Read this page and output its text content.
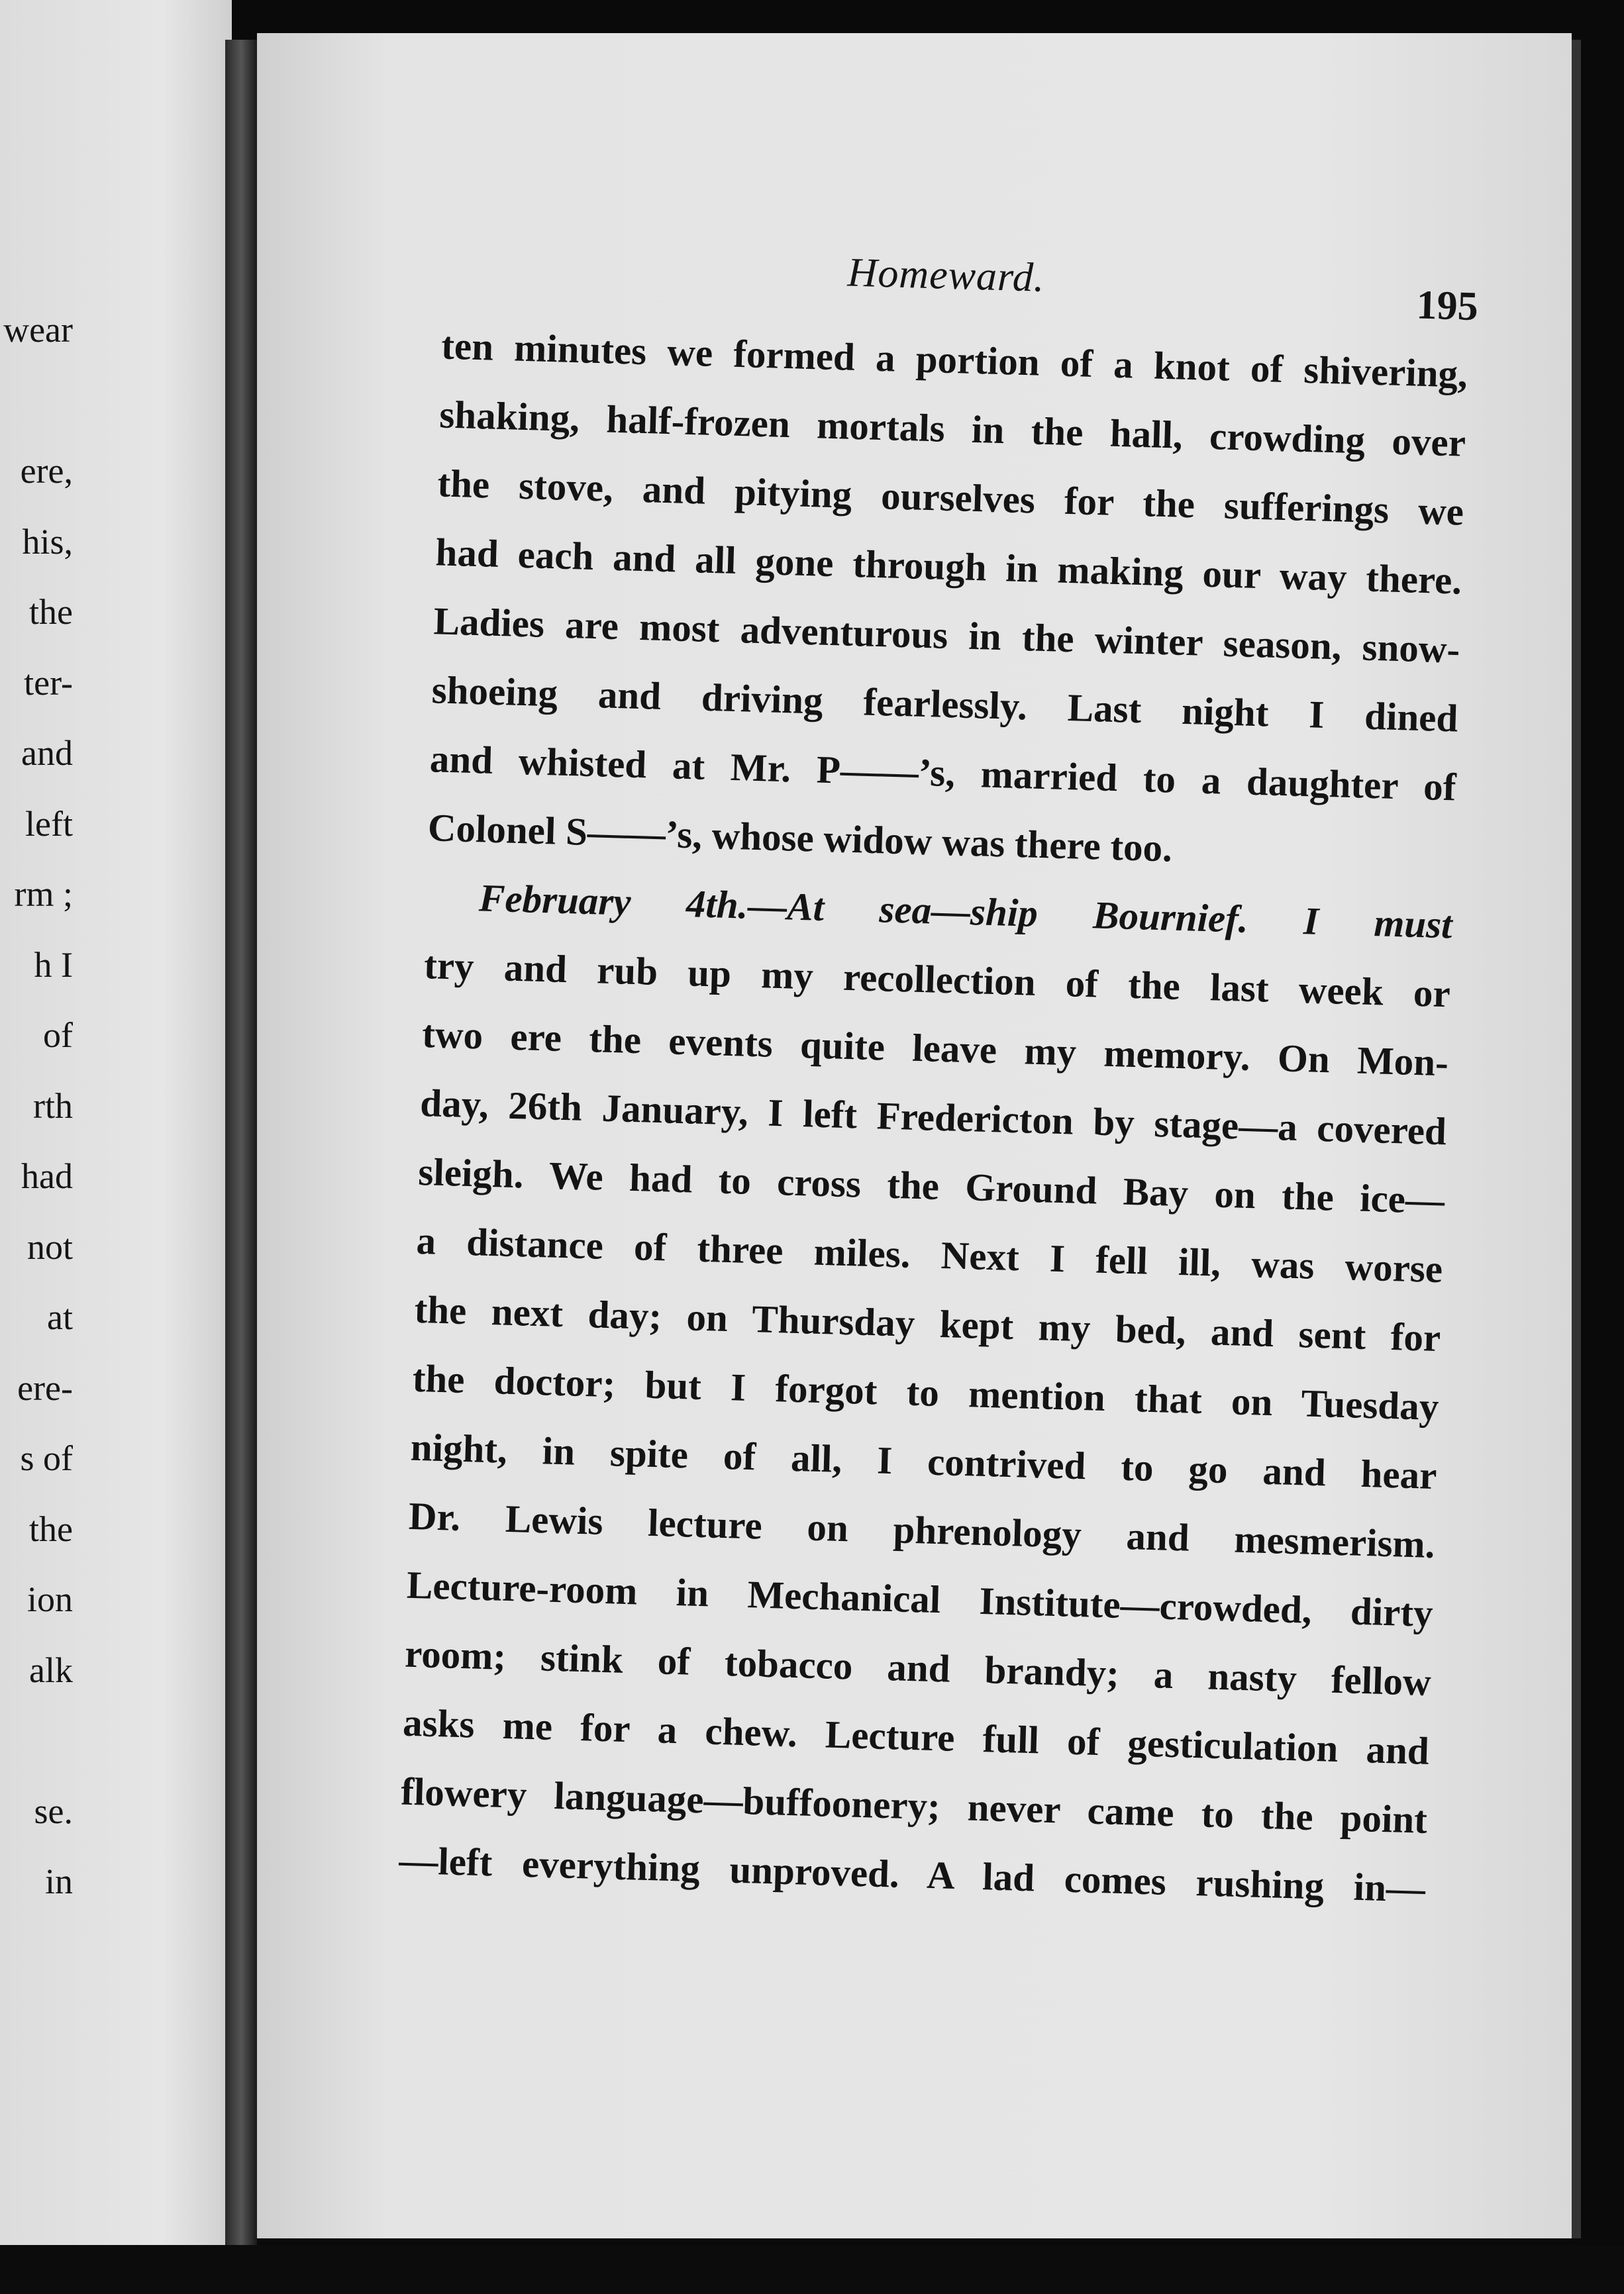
wear
ere,
his,
the
ter-
and
left
rm ;
h I
of
rth
had
not
at
ere-
s of
the
ion
alk
se.
in
Homeward.
195
ten minutes we formed a portion of a knot of shivering,
shaking, half-frozen mortals in the hall, crowding over
the stove, and pitying ourselves for the sufferings we
had each and all gone through in making our way there.
Ladies are most adventurous in the winter season, snow-
shoeing and driving fearlessly. Last night I dined
and whisted at Mr. P——’s, married to a daughter of
Colonel S——’s, whose widow was there too.
February 4th.—At sea—ship Bournief. I must
try and rub up my recollection of the last week or
two ere the events quite leave my memory. On Mon-
day, 26th January, I left Fredericton by stage—a covered
sleigh. We had to cross the Ground Bay on the ice—
a distance of three miles. Next I fell ill, was worse
the next day; on Thursday kept my bed, and sent for
the doctor; but I forgot to mention that on Tuesday
night, in spite of all, I contrived to go and hear
Dr. Lewis lecture on phrenology and mesmerism.
Lecture-room in Mechanical Institute—crowded, dirty
room; stink of tobacco and brandy; a nasty fellow
asks me for a chew. Lecture full of gesticulation and
flowery language—buffoonery; never came to the point
—left everything unproved. A lad comes rushing in—
